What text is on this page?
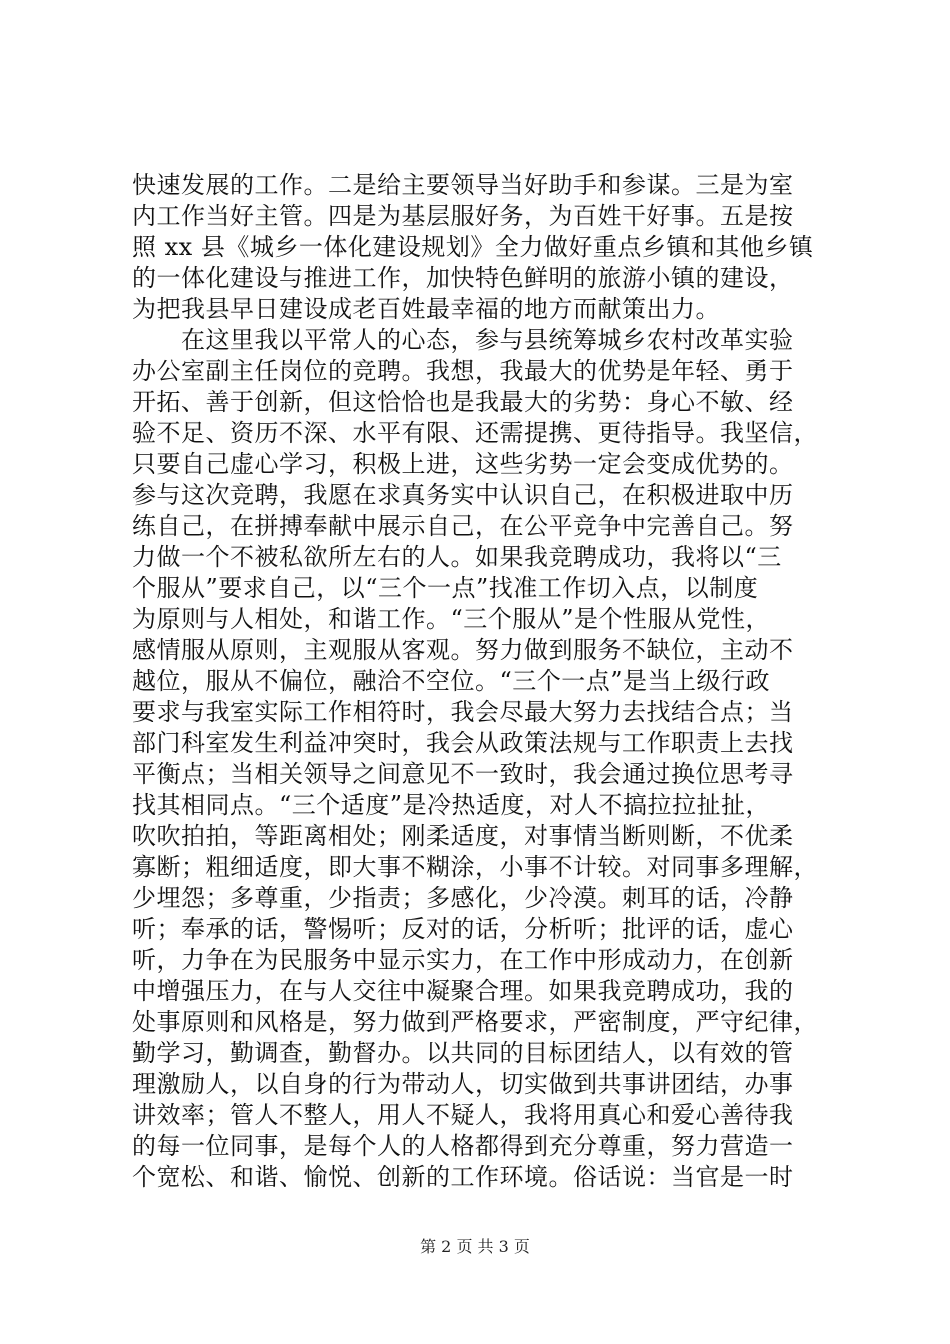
快速发展的工作。二是给主要领导当好助手和参谋。三是为室
内工作当好主管。四是为基层服好务，为百姓干好事。五是按
照 xx 县《城乡一体化建设规划》全力做好重点乡镇和其他乡镇
的一体化建设与推进工作，加快特色鲜明的旅游小镇的建设，
为把我县早日建设成老百姓最幸福的地方而献策出力。
　　在这里我以平常人的心态，参与县统筹城乡农村改革实验
办公室副主任岗位的竞聘。我想，我最大的优势是年轻、勇于
开拓、善于创新，但这恰恰也是我最大的劣势：身心不敏、经
验不足、资历不深、水平有限、还需提携、更待指导。我坚信，
只要自己虚心学习，积极上进，这些劣势一定会变成优势的。
参与这次竞聘，我愿在求真务实中认识自己，在积极进取中历
练自己，在拼搏奉献中展示自己，在公平竞争中完善自己。努
力做一个不被私欲所左右的人。如果我竞聘成功，我将以“三
个服从”要求自己，以“三个一点”找准工作切入点，以制度
为原则与人相处，和谐工作。“三个服从”是个性服从党性，
感情服从原则，主观服从客观。努力做到服务不缺位，主动不
越位，服从不偏位，融洽不空位。“三个一点”是当上级行政
要求与我室实际工作相符时，我会尽最大努力去找结合点；当
部门科室发生利益冲突时，我会从政策法规与工作职责上去找
平衡点；当相关领导之间意见不一致时，我会通过换位思考寻
找其相同点。“三个适度”是冷热适度，对人不搞拉拉扯扯，
吹吹拍拍，等距离相处；刚柔适度，对事情当断则断，不优柔
寡断；粗细适度，即大事不糊涂，小事不计较。对同事多理解，
少埋怨；多尊重，少指责；多感化，少冷漠。刺耳的话，冷静
听；奉承的话，警惕听；反对的话，分析听；批评的话，虚心
听，力争在为民服务中显示实力，在工作中形成动力，在创新
中增强压力，在与人交往中凝聚合理。如果我竞聘成功，我的
处事原则和风格是，努力做到严格要求，严密制度，严守纪律，
勤学习，勤调查，勤督办。以共同的目标团结人，以有效的管
理激励人，以自身的行为带动人，切实做到共事讲团结，办事
讲效率；管人不整人，用人不疑人，我将用真心和爱心善待我
的每一位同事，是每个人的人格都得到充分尊重，努力营造一
个宽松、和谐、愉悦、创新的工作环境。俗话说：当官是一时
第 2 页 共 3 页
